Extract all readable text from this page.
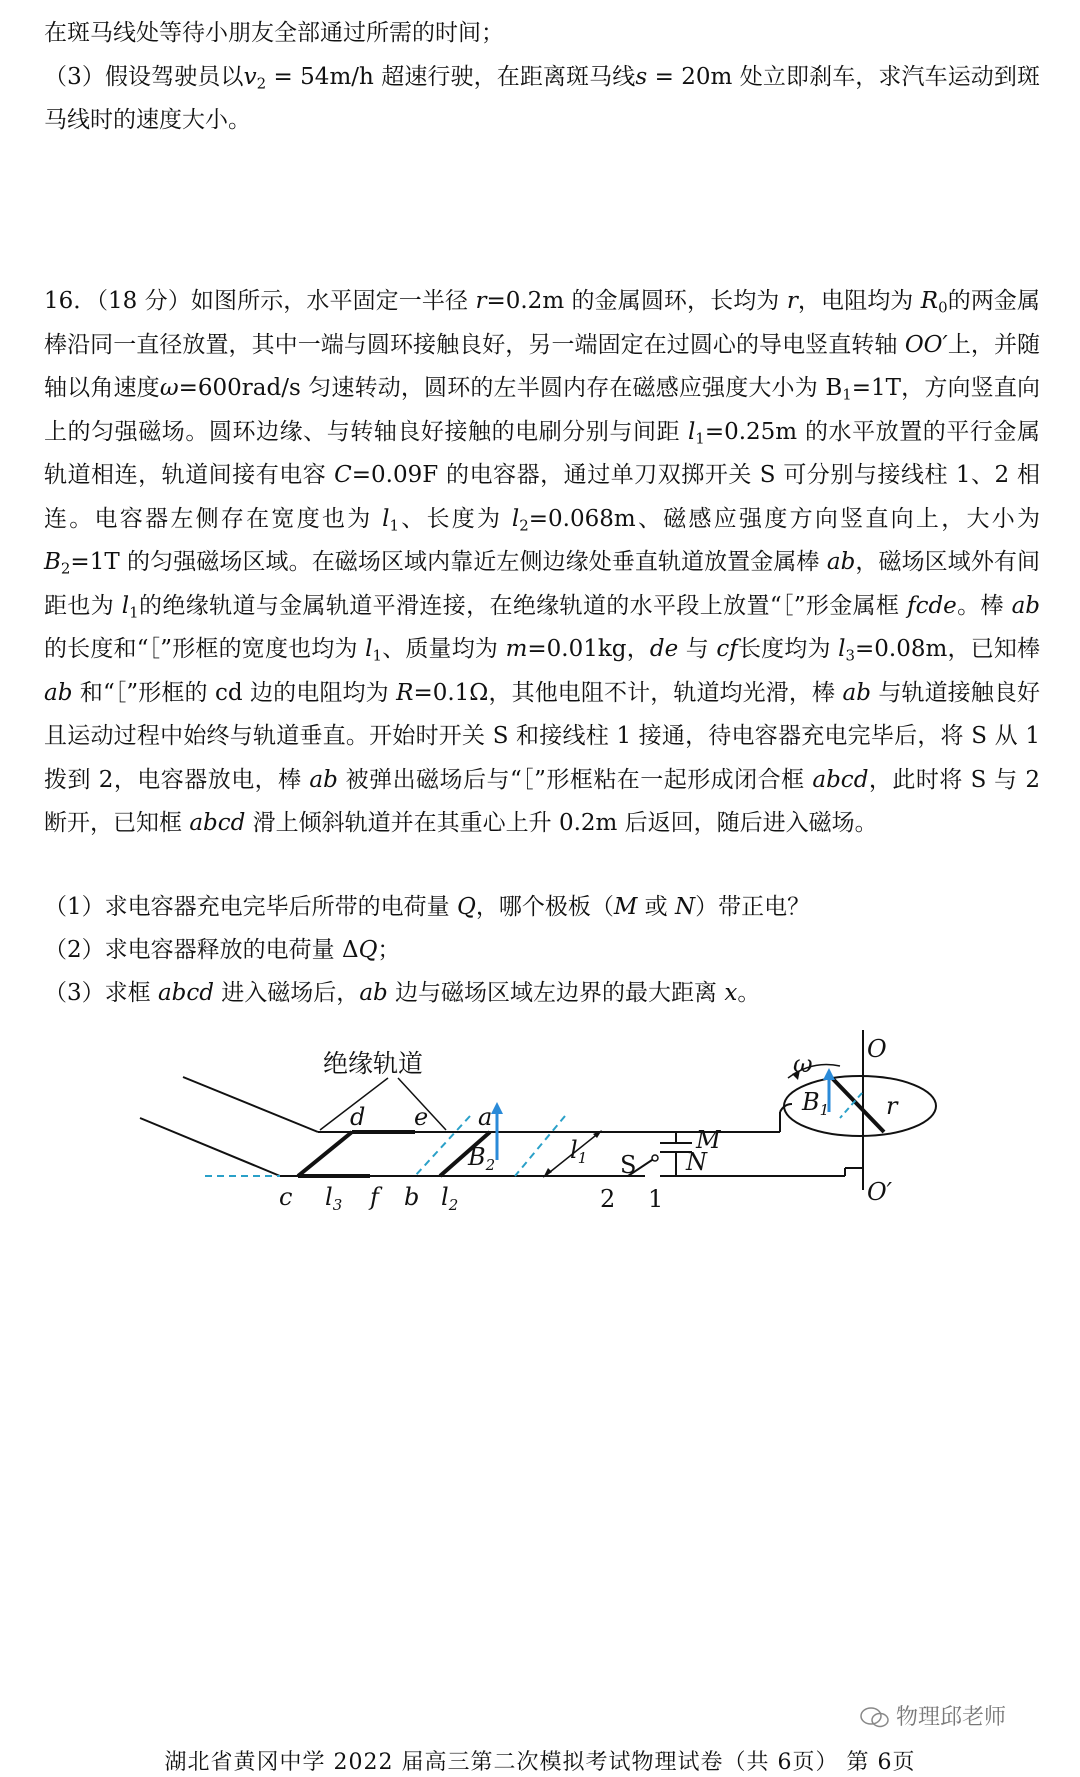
在斑马线处等待小朋友全部通过所需的时间；
（3）假设驾驶员以$v_2 = 54m/h$ 超速行驶，在距离斑马线s = 20m 处立即刹车，求汽车运动到斑马线时的速度大小。
16．（18 分）如图所示，水平固定一半径 r=0.2m 的金属圆环，长均为 r，电阻均为 $R_0$的两金属棒沿同一直径放置，其中一端与圆环接触良好，另一端固定在过圆心的导电竖直转轴 OO′上，并随轴以角速度ω=600rad/s 匀速转动，圆环的左半圆内存在磁感应强度大小为 $B_1=1T$，方向竖直向上的匀强磁场。圆环边缘、与转轴良好接触的电刷分别与间距 $l_1=0.25m$ 的水平放置的平行金属轨道相连，轨道间接有电容 C=0.09F 的电容器，通过单刀双掷开关 S 可分别与接线柱 1、2 相连。电容器左侧存在宽度也为 $l_1$、长度为 $l_2=0.068m$、磁感应强度方向竖直向上，大小为 $B_2=1T$ 的匀强磁场区域。在磁场区域内靠近左侧边缘处垂直轨道放置金属棒 ab，磁场区域外有间距也为 $l_1$的绝缘轨道与金属轨道平滑连接，在绝缘轨道的水平段上放置“［”形金属框 fcde。棒 ab的长度和“［”形框的宽度也均为 $l_1$、质量均为 m=0.01kg，de 与 cf长度均为 $l_3=0.08m$，已知棒 ab 和“［”形框的 cd 边的电阻均为 R=0.1Ω，其他电阻不计，轨道均光滑，棒 ab 与轨道接触良好且运动过程中始终与轨道垂直。开始时开关 S 和接线柱 1 接通，待电容器充电完毕后，将 S 从 1 拨到 2，电容器放电，棒 ab 被弹出磁场后与“［”形框粘在一起形成闭合框 abcd，此时将 S 与 2 断开，已知框 abcd 滑上倾斜轨道并在其重心上升 0.2m 后返回，随后进入磁场。
（1）求电容器充电完毕后所带的电荷量 Q，哪个极板（M 或 N）带正电？
（2）求电容器释放的电荷量 ΔQ；
（3）求框 abcd 进入磁场后，ab 边与磁场区域左边界的最大距离 x。
绝缘轨道
d e a
c $l_3$ f b $l_2$
$B_2$
$l_1$
M
N
S
2 1
O
O′
ω
$B_1$ r
物理邱老师
湖北省黄冈中学 2022 届高三第二次模拟考试物理试卷（共 6页） 第 6页
